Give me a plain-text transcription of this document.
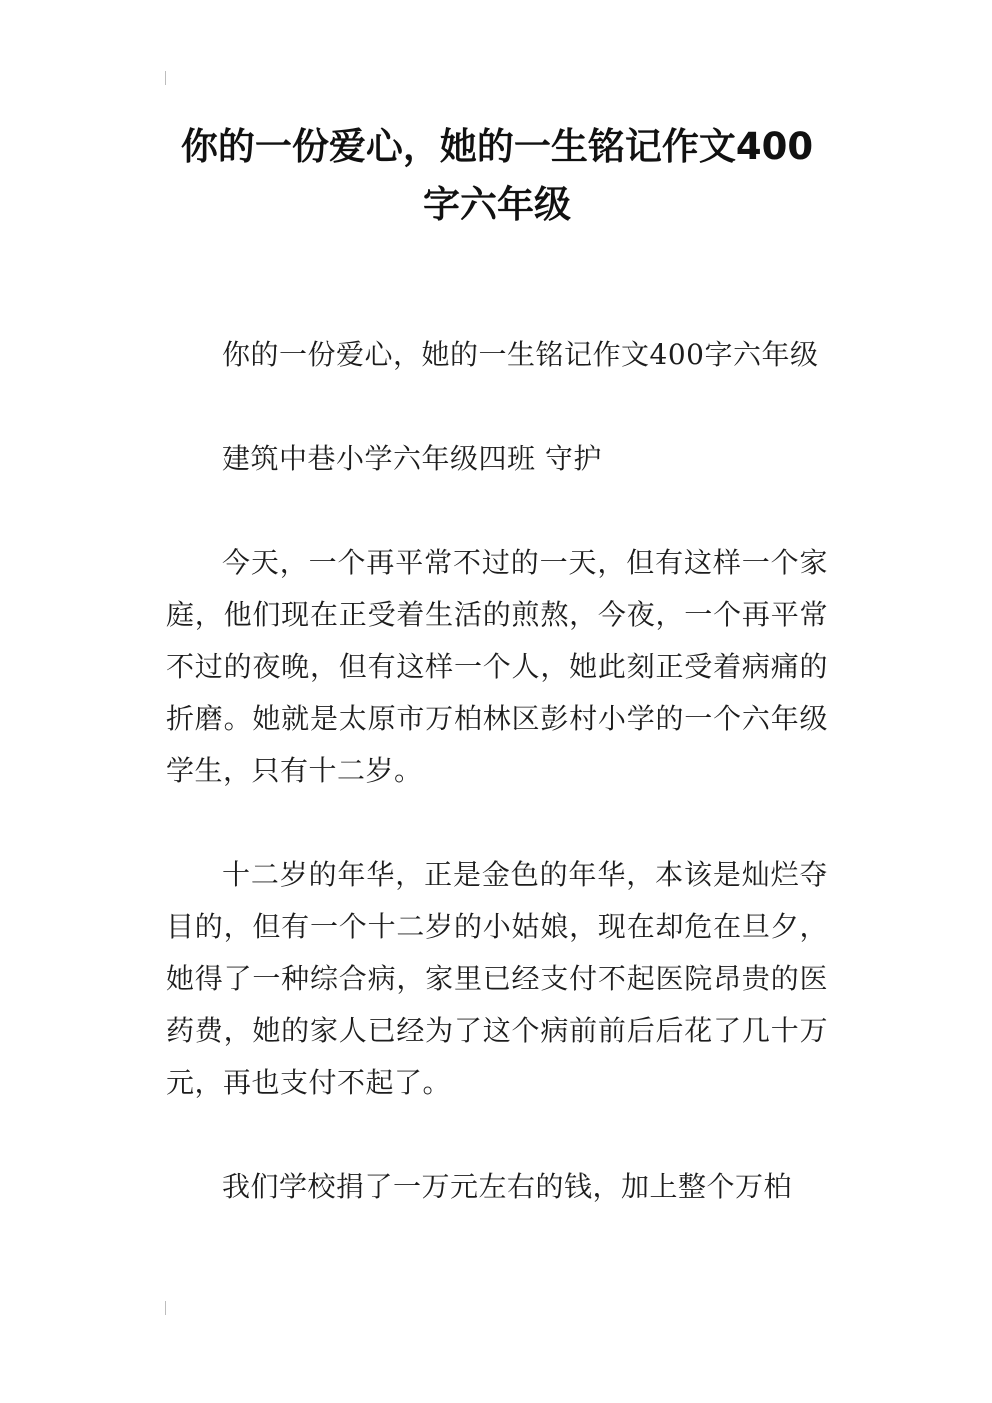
你的一份爱心，她的一生铭记作文400字六年级

你的一份爱心，她的一生铭记作文400字六年级

建筑中巷小学六年级四班 守护

今天，一个再平常不过的一天，但有这样一个家庭，他们现在正受着生活的煎熬，今夜，一个再平常不过的夜晚，但有这样一个人，她此刻正受着病痛的折磨。她就是太原市万柏林区彭村小学的一个六年级学生，只有十二岁。

十二岁的年华，正是金色的年华，本该是灿烂夺目的，但有一个十二岁的小姑娘，现在却危在旦夕，她得了一种综合病，家里已经支付不起医院昂贵的医药费，她的家人已经为了这个病前前后后花了几十万元，再也支付不起了。

我们学校捐了一万元左右的钱，加上整个万柏
